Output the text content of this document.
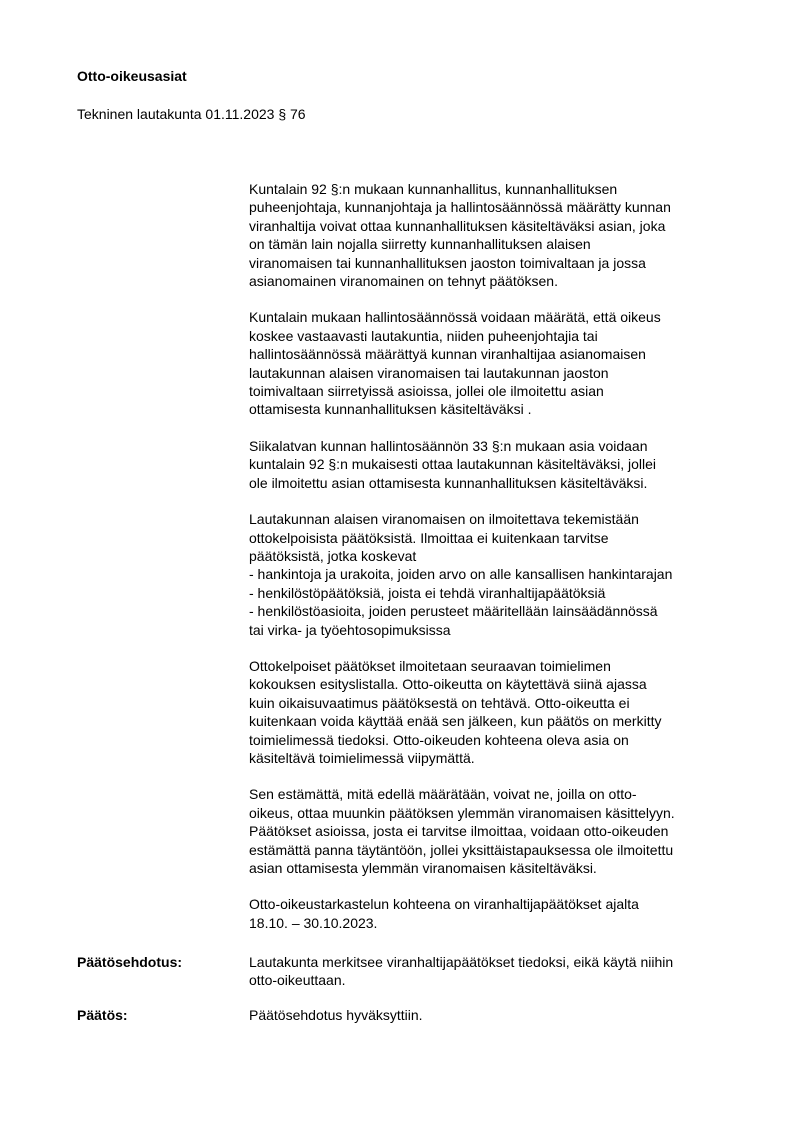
Otto-oikeusasiat

Tekninen lautakunta 01.11.2023 § 76

Kuntalain 92 §:n mukaan kunnanhallitus, kunnanhallituksen
puheenjohtaja, kunnanjohtaja ja hallintosäännössä määrätty kunnan
viranhaltija voivat ottaa kunnanhallituksen käsiteltäväksi asian, joka
on tämän lain nojalla siirretty kunnanhallituksen alaisen
viranomaisen tai kunnanhallituksen jaoston toimivaltaan ja jossa
asianomainen viranomainen on tehnyt päätöksen.

Kuntalain mukaan hallintosäännössä voidaan määrätä, että oikeus
koskee vastaavasti lautakuntia, niiden puheenjohtajia tai
hallintosäännössä määrättyä kunnan viranhaltijaa asianomaisen
lautakunnan alaisen viranomaisen tai lautakunnan jaoston
toimivaltaan siirretyissä asioissa, jollei ole ilmoitettu asian
ottamisesta kunnanhallituksen käsiteltäväksi .

Siikalatvan kunnan hallintosäännön 33 §:n mukaan asia voidaan
kuntalain 92 §:n mukaisesti ottaa lautakunnan käsiteltäväksi, jollei
ole ilmoitettu asian ottamisesta kunnanhallituksen käsiteltäväksi.

Lautakunnan alaisen viranomaisen on ilmoitettava tekemistään
ottokelpoisista päätöksistä. Ilmoittaa ei kuitenkaan tarvitse
päätöksistä, jotka koskevat
- hankintoja ja urakoita, joiden arvo on alle kansallisen hankintarajan
- henkilöstöpäätöksiä, joista ei tehdä viranhaltijapäätöksiä
- henkilöstöasioita, joiden perusteet määritellään lainsäädännössä
tai virka- ja työehtosopimuksissa

Ottokelpoiset päätökset ilmoitetaan seuraavan toimielimen
kokouksen esityslistalla. Otto-oikeutta on käytettävä siinä ajassa
kuin oikaisuvaatimus päätöksestä on tehtävä. Otto-oikeutta ei
kuitenkaan voida käyttää enää sen jälkeen, kun päätös on merkitty
toimielimessä tiedoksi. Otto-oikeuden kohteena oleva asia on
käsiteltävä toimielimessä viipymättä.

Sen estämättä, mitä edellä määrätään, voivat ne, joilla on otto-
oikeus, ottaa muunkin päätöksen ylemmän viranomaisen käsittelyyn.
Päätökset asioissa, josta ei tarvitse ilmoittaa, voidaan otto-oikeuden
estämättä panna täytäntöön, jollei yksittäistapauksessa ole ilmoitettu
asian ottamisesta ylemmän viranomaisen käsiteltäväksi.

Otto-oikeustarkastelun kohteena on viranhaltijapäätökset ajalta
18.10. – 30.10.2023.

Päätösehdotus:	Lautakunta merkitsee viranhaltijapäätökset tiedoksi, eikä käytä niihin
otto-oikeuttaan.
Päätös:	Päätösehdotus hyväksyttiin.
